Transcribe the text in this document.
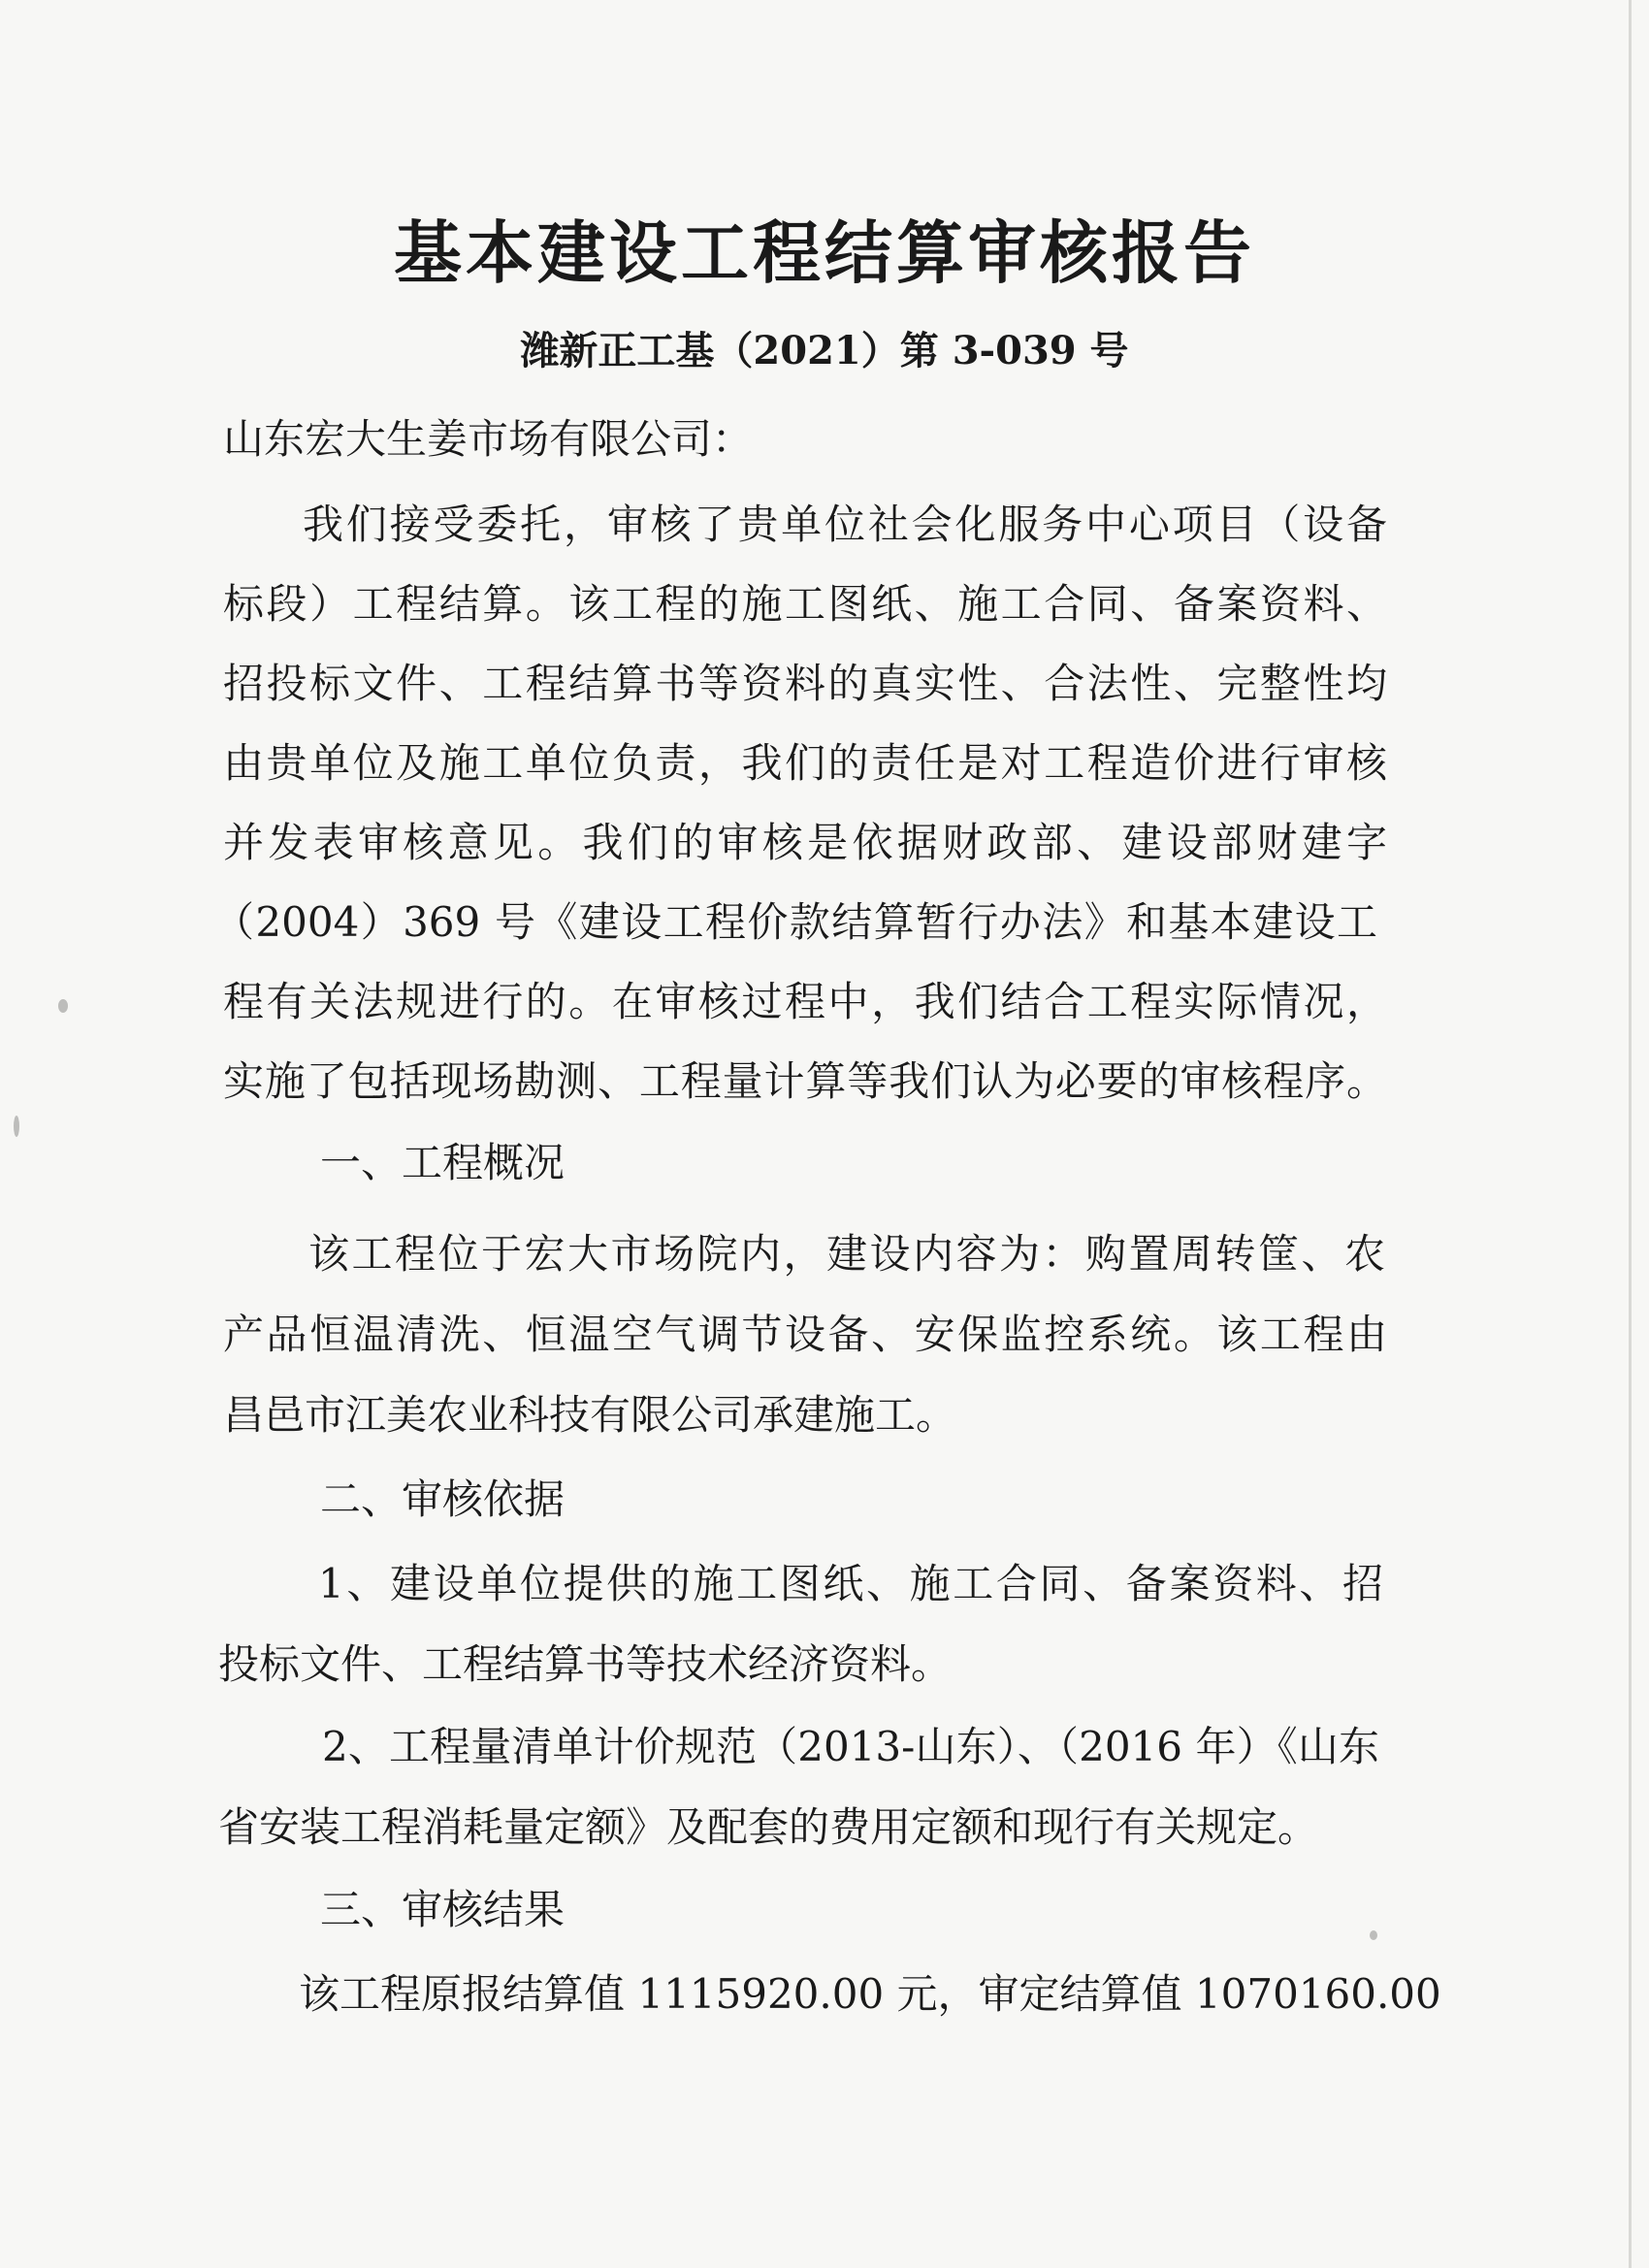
基本建设工程结算审核报告
潍新正工基（2021）第 3-039 号
山东宏大生姜市场有限公司：
我们接受委托，审核了贵单位社会化服务中心项目（设备
标段）工程结算。该工程的施工图纸、施工合同、备案资料、
招投标文件、工程结算书等资料的真实性、合法性、完整性均
由贵单位及施工单位负责，我们的责任是对工程造价进行审核
并发表审核意见。我们的审核是依据财政部、建设部财建字
（2004）369 号《建设工程价款结算暂行办法》和基本建设工
程有关法规进行的。在审核过程中，我们结合工程实际情况，
实施了包括现场勘测、工程量计算等我们认为必要的审核程序。
一、工程概况
该工程位于宏大市场院内，建设内容为：购置周转筐、农
产品恒温清洗、恒温空气调节设备、安保监控系统。该工程由
昌邑市江美农业科技有限公司承建施工。
二、审核依据
1、建设单位提供的施工图纸、施工合同、备案资料、招
投标文件、工程结算书等技术经济资料。
2、工程量清单计价规范（2013-山东）、（2016 年）《山东
省安装工程消耗量定额》及配套的费用定额和现行有关规定。
三、审核结果
该工程原报结算值 1115920.00 元，审定结算值 1070160.00
